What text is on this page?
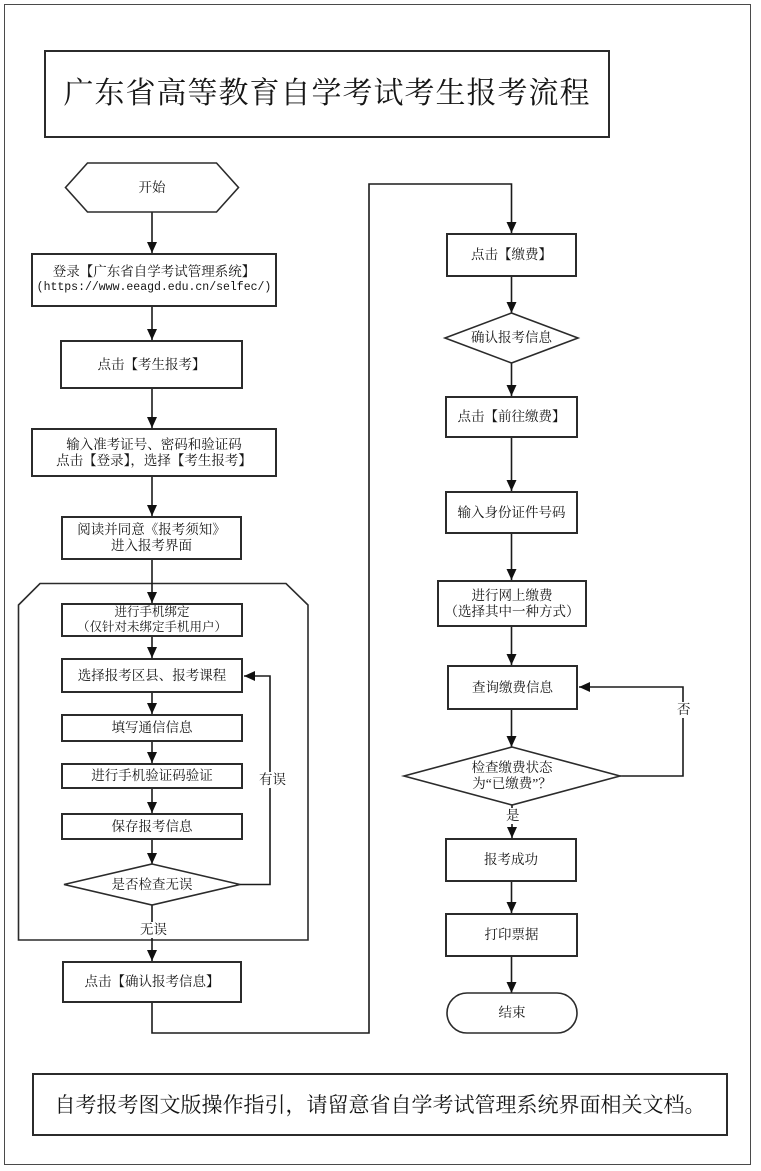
广东省高等教育自学考试考生报考流程
开始
登录【广东省自学考试管理系统】
(https://www.eeagd.edu.cn/selfec/)
点击【考生报考】
输入准考证号、密码和验证码
点击【登录】，选择【考生报考】
阅读并同意《报考须知》
进入报考界面
进行手机绑定
（仅针对未绑定手机用户）
选择报考区县、报考课程
填写通信信息
进行手机验证码验证
保存报考信息
是否检查无误
点击【确认报考信息】
点击【缴费】
确认报考信息
点击【前往缴费】
输入身份证件号码
进行网上缴费
（选择其中一种方式）
查询缴费信息
检查缴费状态
为“已缴费”？
报考成功
打印票据
结束
有误
无误
否
是
自考报考图文版操作指引，请留意省自学考试管理系统界面相关文档。
